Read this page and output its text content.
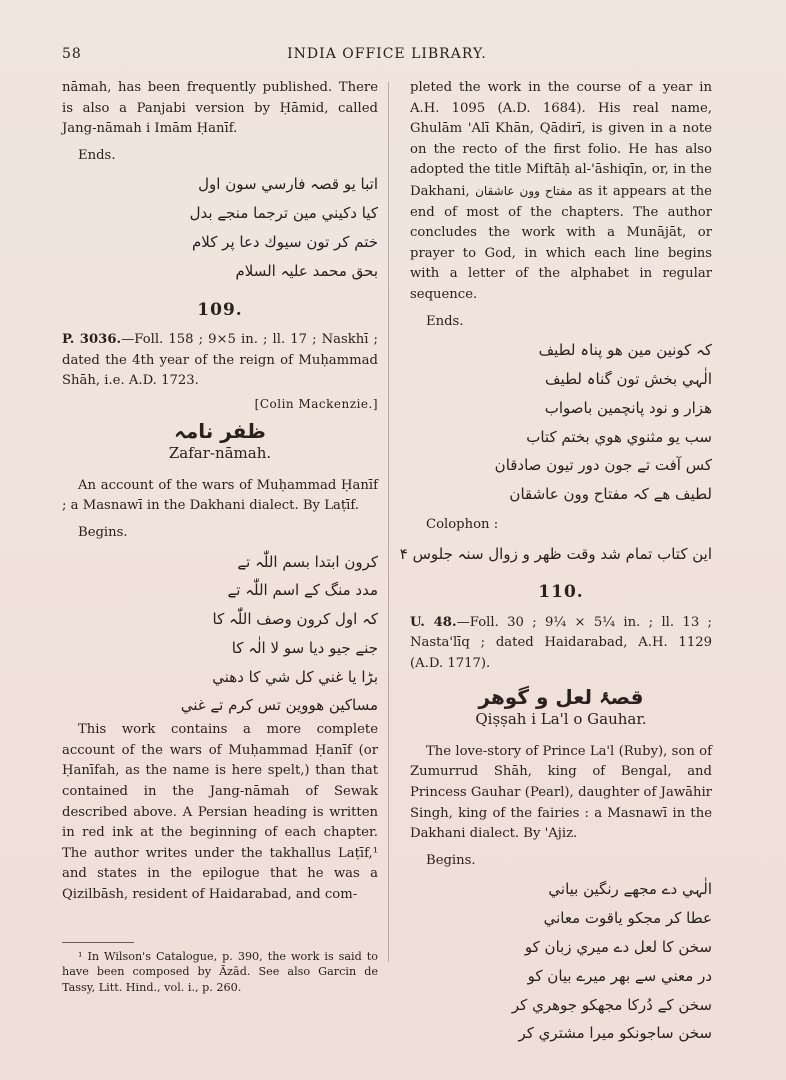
58	INDIA OFFICE LIBRARY.

nāmah, has been frequently published. There is also a Panjabi version by Ḥāmid, called Jang-nāmah i Imām Ḥanīf.

Ends.

اتبا یو قصہ فارسي سون اول
کیا دکیني مین ترجما منجے بدل
ختم کر تون سیوك دعا پر کلام
بحق محمد علیہ السلام
109.

P. 3036.—Foll. 158 ; 9×5 in. ; ll. 17 ; Naskhī ; dated the 4th year of the reign of Muḥammad Shāh, i.e. A.D. 1723.

[Colin Mackenzie.]
ظفر نامہ
Zafar-nāmah.

An account of the wars of Muḥammad Ḥanīf ; a Masnawī in the Dakhani dialect. By Laṭīf.

Begins.

کرون ابتدا بسم اللّٰہ تے
مدد منگ کے اسم اللّٰہ تے
کہ اول کرون وصف اللّٰہ کا
جنے جیو دیا سو لا الٰہ کا
بڑا یا غني کل شي کا دھني
مساکین ھووین تس کرم تے غني

This work contains a more complete account of the wars of Muḥammad Ḥanīf (or Ḥanīfah, as the name is here spelt,) than that contained in the Jang-nāmah of Sewak described above. A Persian heading is written in red ink at the beginning of each chapter. The author writes under the takhallus Laṭīf,¹ and states in the epilogue that he was a Qizilbāsh, resident of Haidarabad, and com-

¹ In Wilson's Catalogue, p. 390, the work is said to have been composed by Āzād. See also Garcin de Tassy, Litt. Hind., vol. i., p. 260.

pleted the work in the course of a year in A.H. 1095 (A.D. 1684). His real name, Ghulām 'Alī Khān, Qādirī, is given in a note on the recto of the first folio. He has also adopted the title Miftāḥ al-'āshiqīn, or, in the Dakhani, مفتاح وون عاشقان as it appears at the end of most of the chapters. The author concludes the work with a Munājāt, or prayer to God, in which each line begins with a letter of the alphabet in regular sequence.

Ends.

کہ کونین مین ھو پناہ لطیف
الٰہي بخش تون گناہ لطیف
ھزار و نود پانچمین باصواب
سب یو مثنوي ھوي بختم کتاب
کس آفت تے جون دور تیون صادقان
لطیف ھے کہ مفتاح وون عاشقان

Colophon :

این کتاب تمام شد وقت ظهر و زوال سنہ جلوس ۴
110.

U. 48.—Foll. 30 ; 9¼ × 5¼ in. ; ll. 13 ; Nasta'līq ; dated Haidarabad, A.H. 1129 (A.D. 1717).

قصۂ لعل و گوھر
Qiṣṣah i La'l o Gauhar.

The love-story of Prince La'l (Ruby), son of Zumurrud Shāh, king of Bengal, and Princess Gauhar (Pearl), daughter of Jawāhir Singh, king of the fairies : a Masnawī in the Dakhani dialect. By 'Ajiz.

Begins.

الٰہي دے مجھے رنگین بیاني
عطا کر مجکو یاقوت معاني
سخن کا لعل دے میري زبان کو
در معني سے بھر میرے بیان کو
سخن کے دُرکا مجھکو جوھري کر
سخن ساجونکو میرا مشتري کر
